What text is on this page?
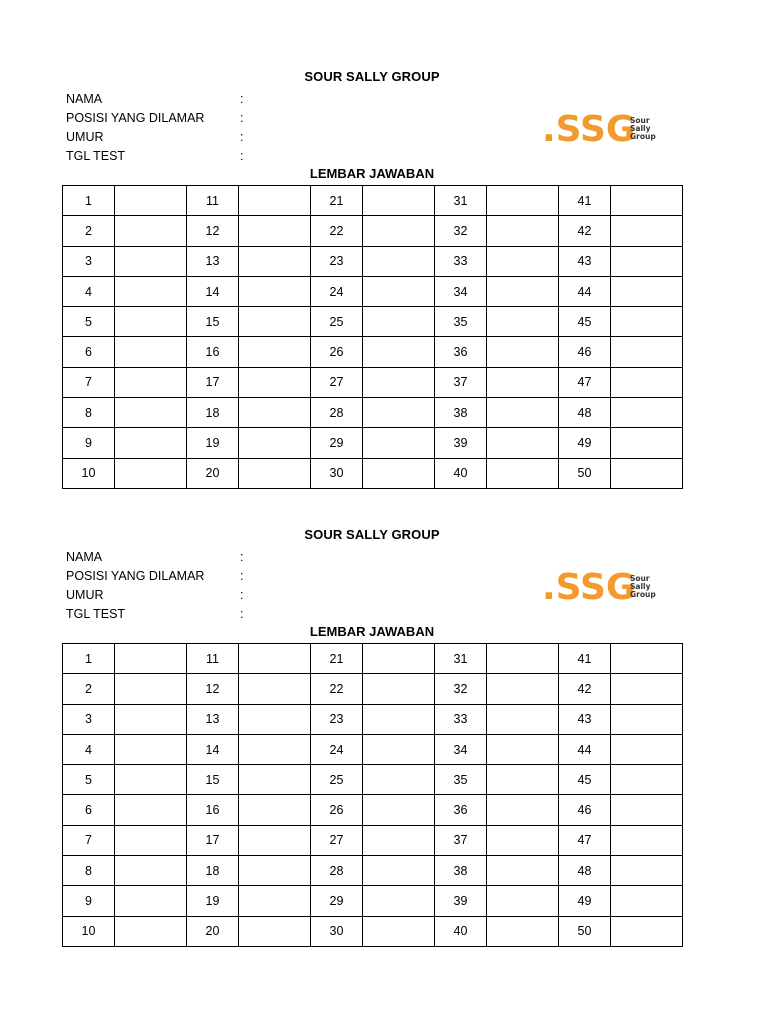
SOUR SALLY GROUP
NAMA	:
POSISI YANG DILAMAR	:
UMUR	:
TGL TEST	:
.SSG
Sour
Sally
Group
LEMBAR JAWABAN
1		11		21		31		41	
2		12		22		32		42	
3		13		23		33		43	
4		14		24		34		44	
5		15		25		35		45	
6		16		26		36		46	
7		17		27		37		47	
8		18		28		38		48	
9		19		29		39		49	
10		20		30		40		50	
SOUR SALLY GROUP
NAMA	:
POSISI YANG DILAMAR	:
UMUR	:
TGL TEST	:
.SSG
Sour
Sally
Group
LEMBAR JAWABAN
1		11		21		31		41	
2		12		22		32		42	
3		13		23		33		43	
4		14		24		34		44	
5		15		25		35		45	
6		16		26		36		46	
7		17		27		37		47	
8		18		28		38		48	
9		19		29		39		49	
10		20		30		40		50	
